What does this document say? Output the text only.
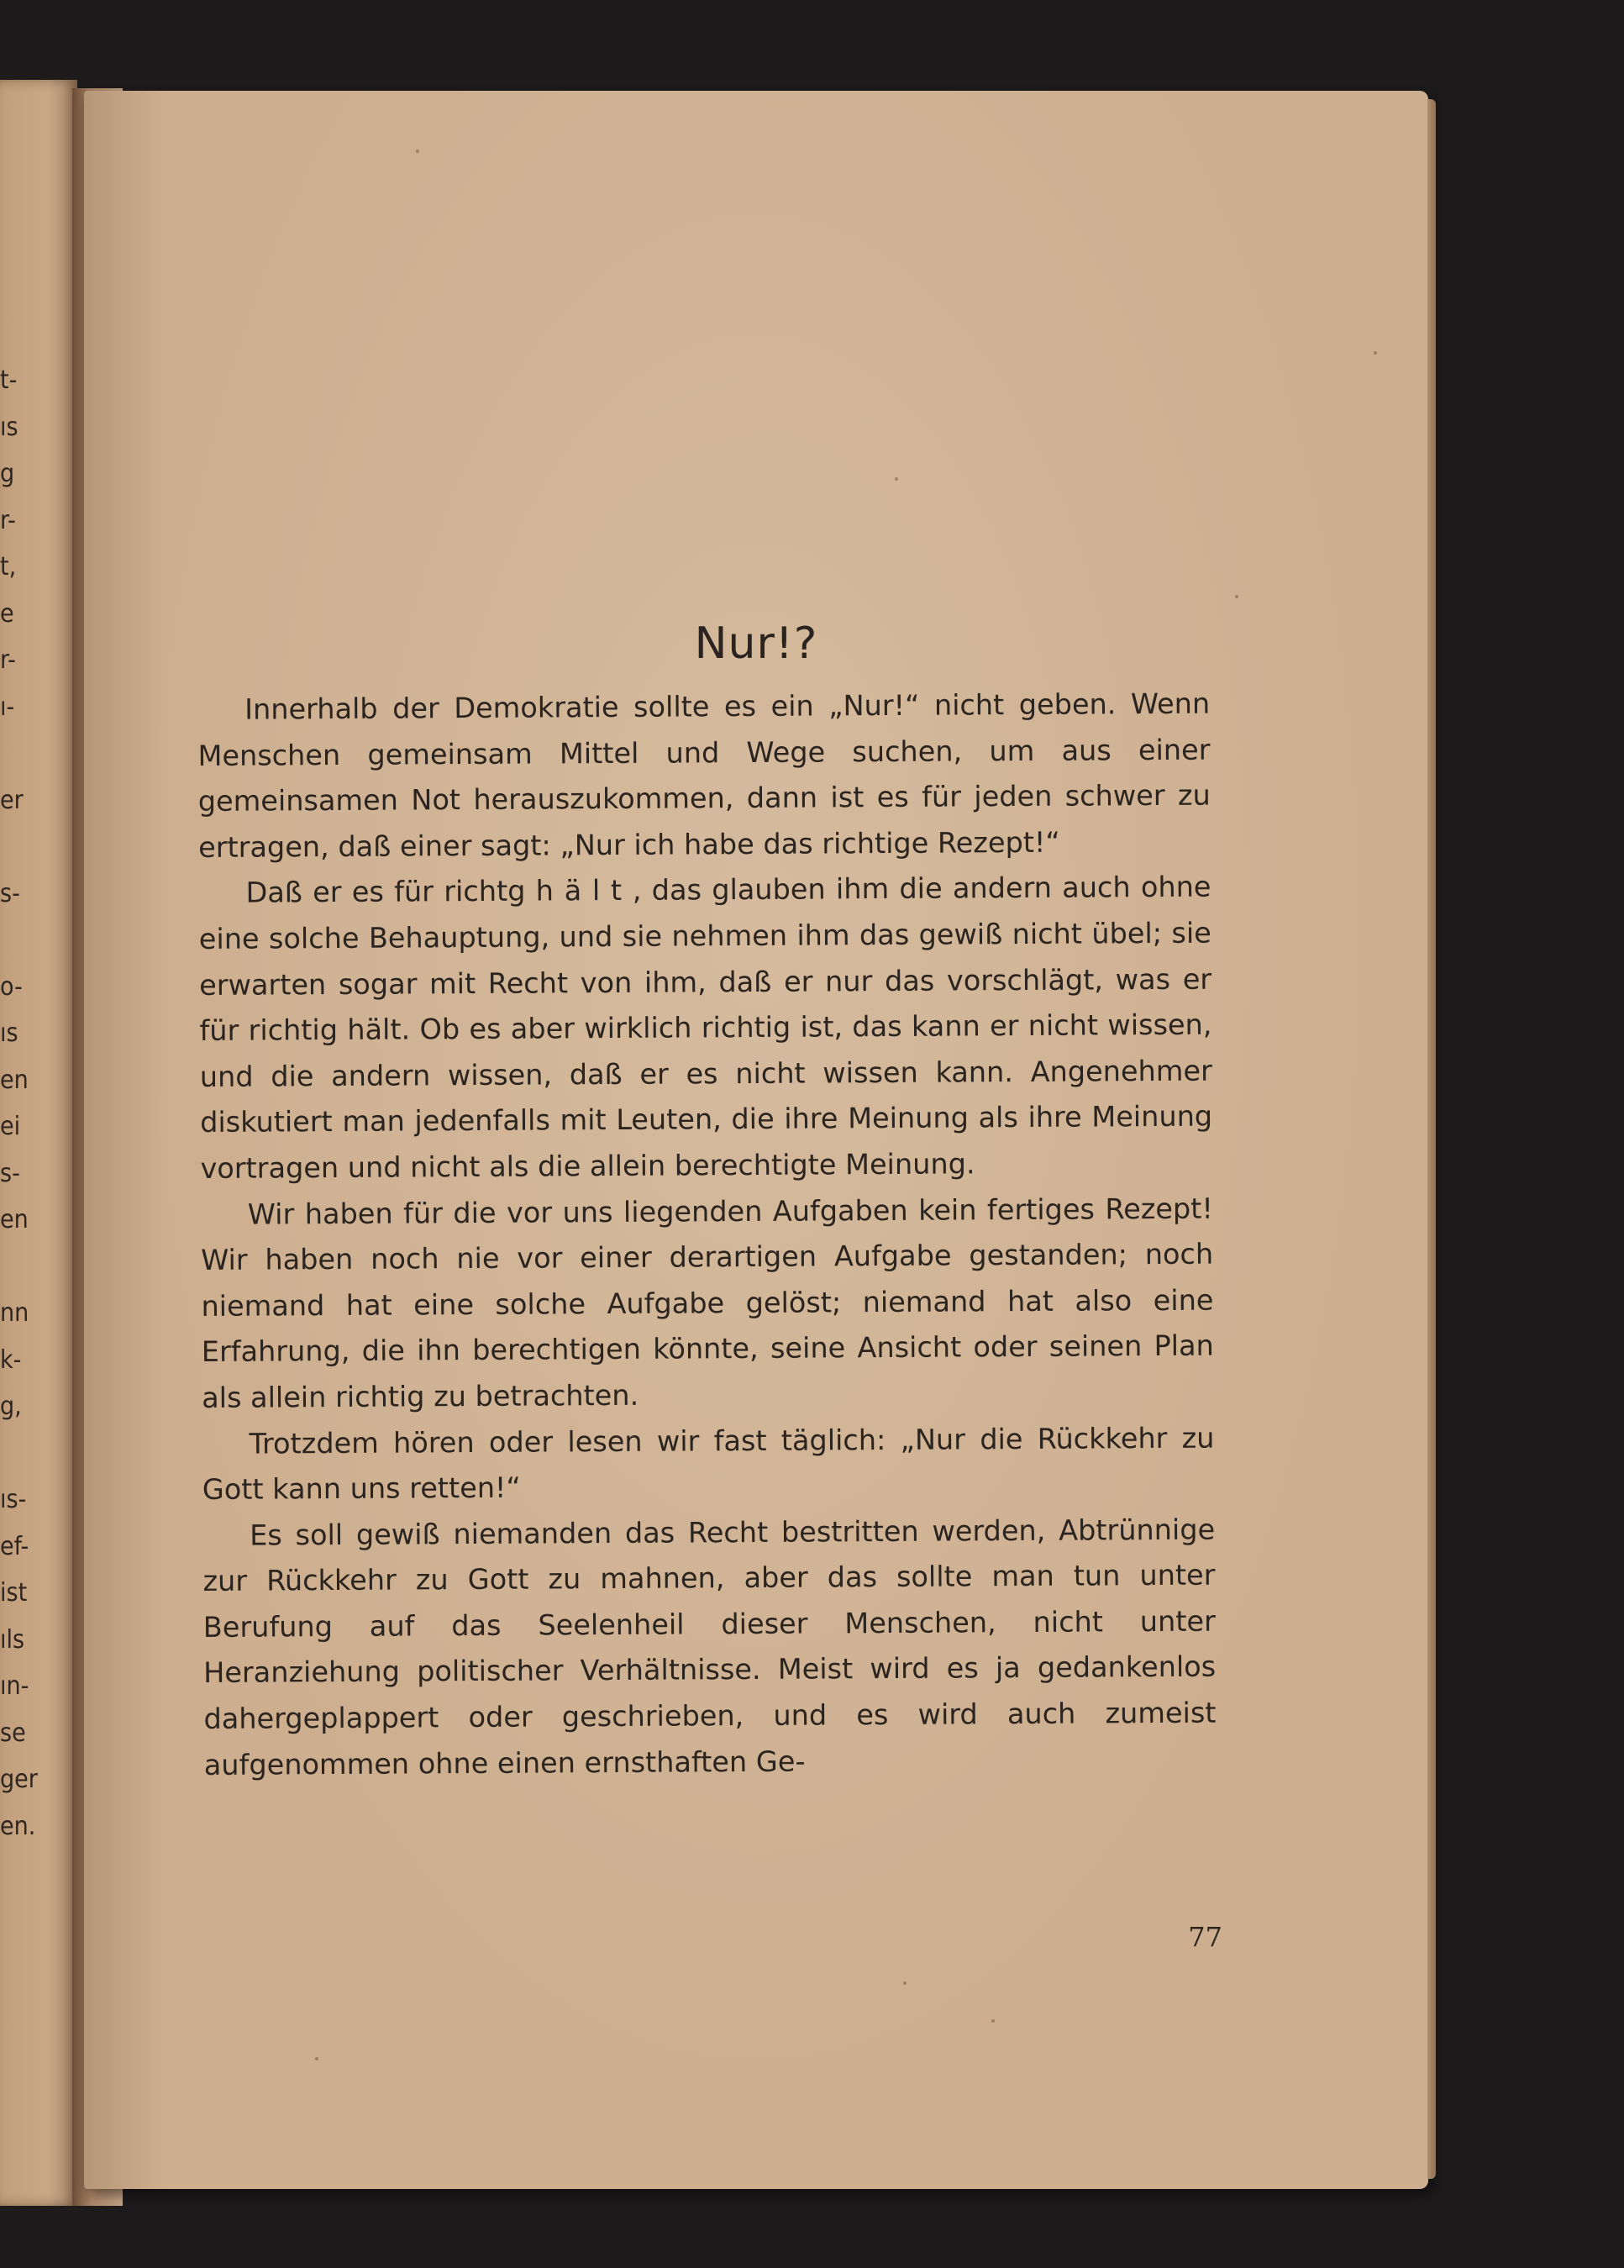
t-
ıs
g
r-
t,
e
r-
ı-
er
s-
o-
ıs
en
ei
s-
en
nn
k-
g,
ıs-
ef-
ist
ıls
ın-
se
ger
en.
Nur!?

Innerhalb der Demokratie sollte es ein „Nur!“ nicht geben. Wenn Menschen gemeinsam Mittel und Wege suchen, um aus einer gemeinsamen Not herauszukommen, dann ist es für jeden schwer zu ertragen, daß einer sagt: „Nur ich habe das richtige Rezept!“

Daß er es für richtg hält, das glauben ihm die andern auch ohne eine solche Behauptung, und sie nehmen ihm das gewiß nicht übel; sie erwarten sogar mit Recht von ihm, daß er nur das vorschlägt, was er für richtig hält. Ob es aber wirklich richtig ist, das kann er nicht wissen, und die andern wissen, daß er es nicht wissen kann. Angenehmer diskutiert man jedenfalls mit Leuten, die ihre Meinung als ihre Meinung vortragen und nicht als die allein berechtigte Meinung.

Wir haben für die vor uns liegenden Aufgaben kein fertiges Rezept! Wir haben noch nie vor einer derartigen Aufgabe gestanden; noch niemand hat eine solche Aufgabe gelöst; niemand hat also eine Erfahrung, die ihn berechtigen könnte, seine Ansicht oder seinen Plan als allein richtig zu betrachten.

Trotzdem hören oder lesen wir fast täglich: „Nur die Rückkehr zu Gott kann uns retten!“

Es soll gewiß niemanden das Recht bestritten werden, Abtrünnige zur Rückkehr zu Gott zu mahnen, aber das sollte man tun unter Berufung auf das Seelenheil dieser Menschen, nicht unter Heranziehung politischer Verhältnisse. Meist wird es ja gedankenlos dahergeplappert oder geschrieben, und es wird auch zumeist aufgenommen ohne einen ernsthaften Ge-

77
